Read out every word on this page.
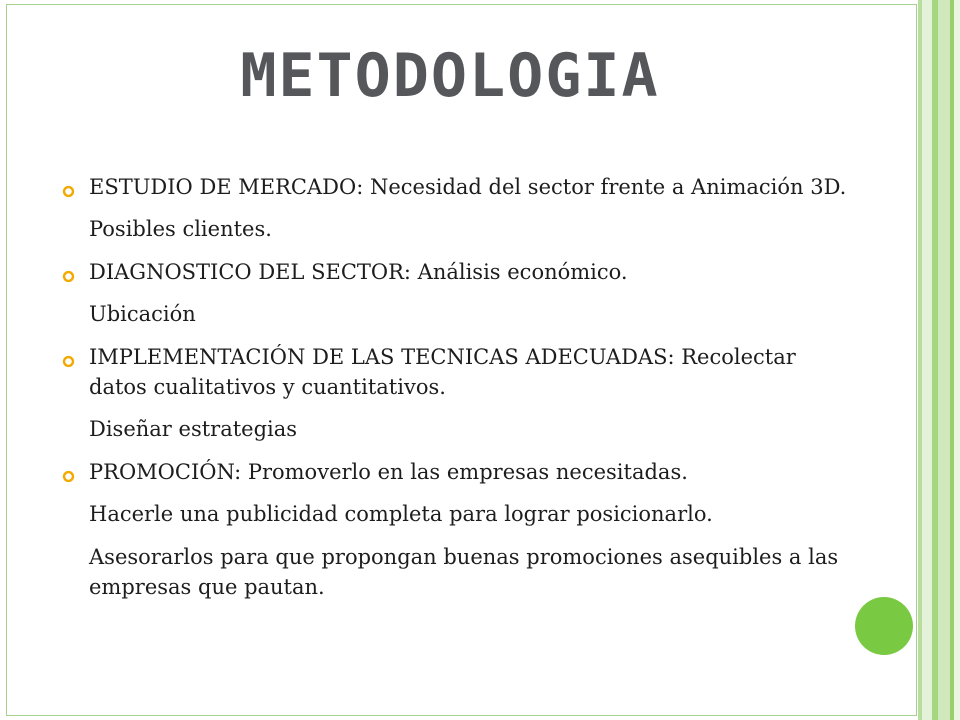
METODOLOGIA
ESTUDIO DE MERCADO: Necesidad del sector frente a Animación 3D.
Posibles clientes.
DIAGNOSTICO DEL SECTOR: Análisis económico.
Ubicación
IMPLEMENTACIÓN DE LAS TECNICAS ADECUADAS: Recolectar datos cualitativos y cuantitativos.
Diseñar estrategias
PROMOCIÓN: Promoverlo en las empresas necesitadas.
Hacerle una publicidad completa para lograr posicionarlo.
Asesorarlos para que propongan buenas promociones asequibles a las empresas que pautan.
